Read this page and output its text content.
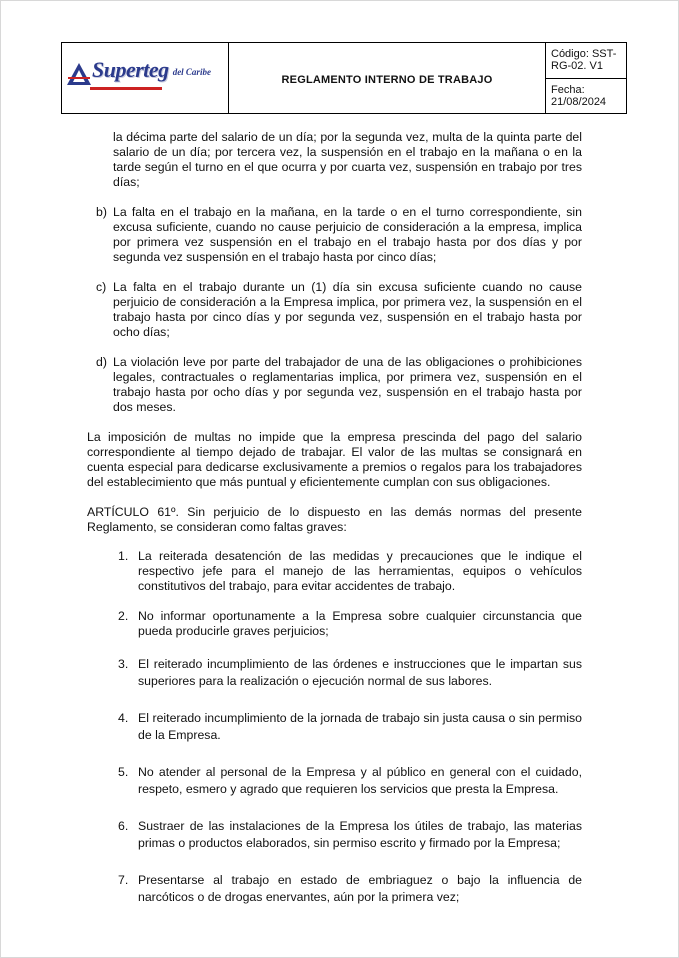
Superteg del Caribe
REGLAMENTO INTERNO DE TRABAJO
Código: SST-RG-02. V1
Fecha: 21/08/2024

la décima parte del salario de un día; por la segunda vez, multa de la quinta parte del salario de un día; por tercera vez, la suspensión en el trabajo en la mañana o en la tarde según el turno en el que ocurra y por cuarta vez, suspensión en trabajo por tres días;

b) La falta en el trabajo en la mañana, en la tarde o en el turno correspondiente, sin excusa suficiente, cuando no cause perjuicio de consideración a la empresa, implica por primera vez suspensión en el trabajo en el trabajo hasta por dos días y por segunda vez suspensión en el trabajo hasta por cinco días;
c) La falta en el trabajo durante un (1) día sin excusa suficiente cuando no cause perjuicio de consideración a la Empresa implica, por primera vez, la suspensión en el trabajo hasta por cinco días y por segunda vez, suspensión en el trabajo hasta por ocho días;
d) La violación leve por parte del trabajador de una de las obligaciones o prohibiciones legales, contractuales o reglamentarias implica, por primera vez, suspensión en el trabajo hasta por ocho días y por segunda vez, suspensión en el trabajo hasta por dos meses.

La imposición de multas no impide que la empresa prescinda del pago del salario correspondiente al tiempo dejado de trabajar. El valor de las multas se consignará en cuenta especial para dedicarse exclusivamente a premios o regalos para los trabajadores del establecimiento que más puntual y eficientemente cumplan con sus obligaciones.

ARTÍCULO 61º. Sin perjuicio de lo dispuesto en las demás normas del presente Reglamento, se consideran como faltas graves:

1. La reiterada desatención de las medidas y precauciones que le indique el respectivo jefe para el manejo de las herramientas, equipos o vehículos constitutivos del trabajo, para evitar accidentes de trabajo.
2. No informar oportunamente a la Empresa sobre cualquier circunstancia que pueda producirle graves perjuicios;
3. El reiterado incumplimiento de las órdenes e instrucciones que le impartan sus superiores para la realización o ejecución normal de sus labores.
4. El reiterado incumplimiento de la jornada de trabajo sin justa causa o sin permiso de la Empresa.
5. No atender al personal de la Empresa y al público en general con el cuidado, respeto, esmero y agrado que requieren los servicios que presta la Empresa.
6. Sustraer de las instalaciones de la Empresa los útiles de trabajo, las materias primas o productos elaborados, sin permiso escrito y firmado por la Empresa;
7. Presentarse al trabajo en estado de embriaguez o bajo la influencia de narcóticos o de drogas enervantes, aún por la primera vez;
